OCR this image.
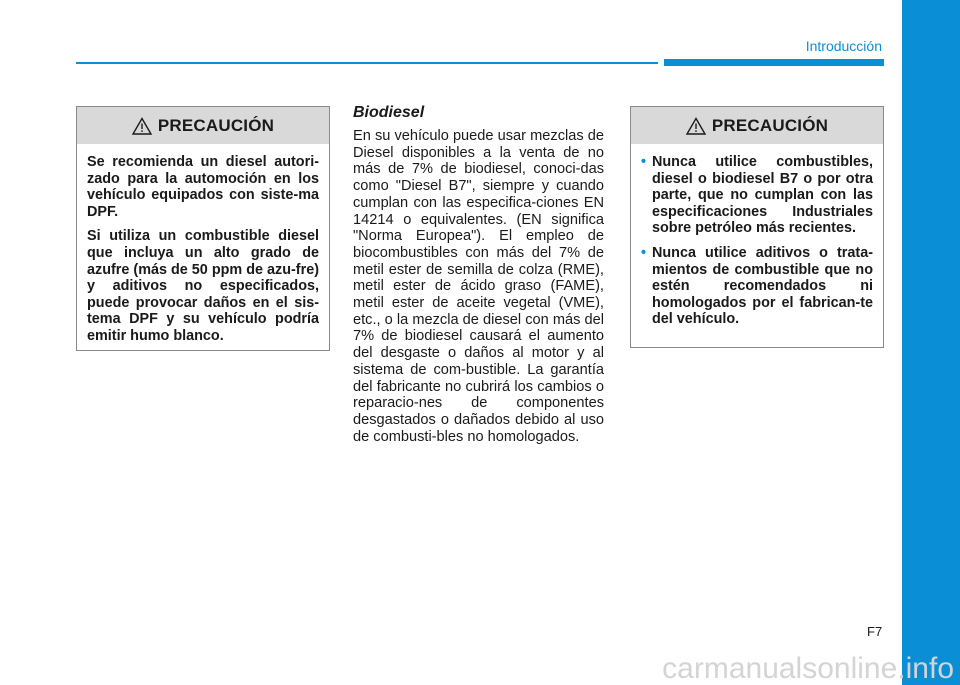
Introducción
PRECAUCIÓN

Se recomienda un diesel autori-zado para la automoción en los vehículo equipados con siste-ma DPF.

Si utiliza un combustible diesel que incluya un alto grado de azufre (más de 50 ppm de azu-fre) y aditivos no especificados, puede provocar daños en el sis-tema DPF y su vehículo podría emitir humo blanco.

Biodiesel

En su vehículo puede usar mezclas de Diesel disponibles a la venta de no más de 7% de biodiesel, conoci-das como "Diesel B7", siempre y cuando cumplan con las especifica-ciones EN 14214 o equivalentes. (EN significa "Norma Europea"). El empleo de biocombustibles con más del 7% de metil ester de semilla de colza (RME), metil ester de ácido graso (FAME), metil ester de aceite vegetal (VME), etc., o la mezcla de diesel con más del 7% de biodiesel causará el aumento del desgaste o daños al motor y al sistema de com-bustible. La garantía del fabricante no cubrirá los cambios o reparacio-nes de componentes desgastados o dañados debido al uso de combusti-bles no homologados.

PRECAUCIÓN
• Nunca utilice combustibles, diesel o biodiesel B7 o por otra parte, que no cumplan con las especificaciones Industriales sobre petróleo más recientes.
• Nunca utilice aditivos o trata-mientos de combustible que no estén recomendados ni homologados por el fabrican-te del vehículo.
F7
carmanualsonline.info
